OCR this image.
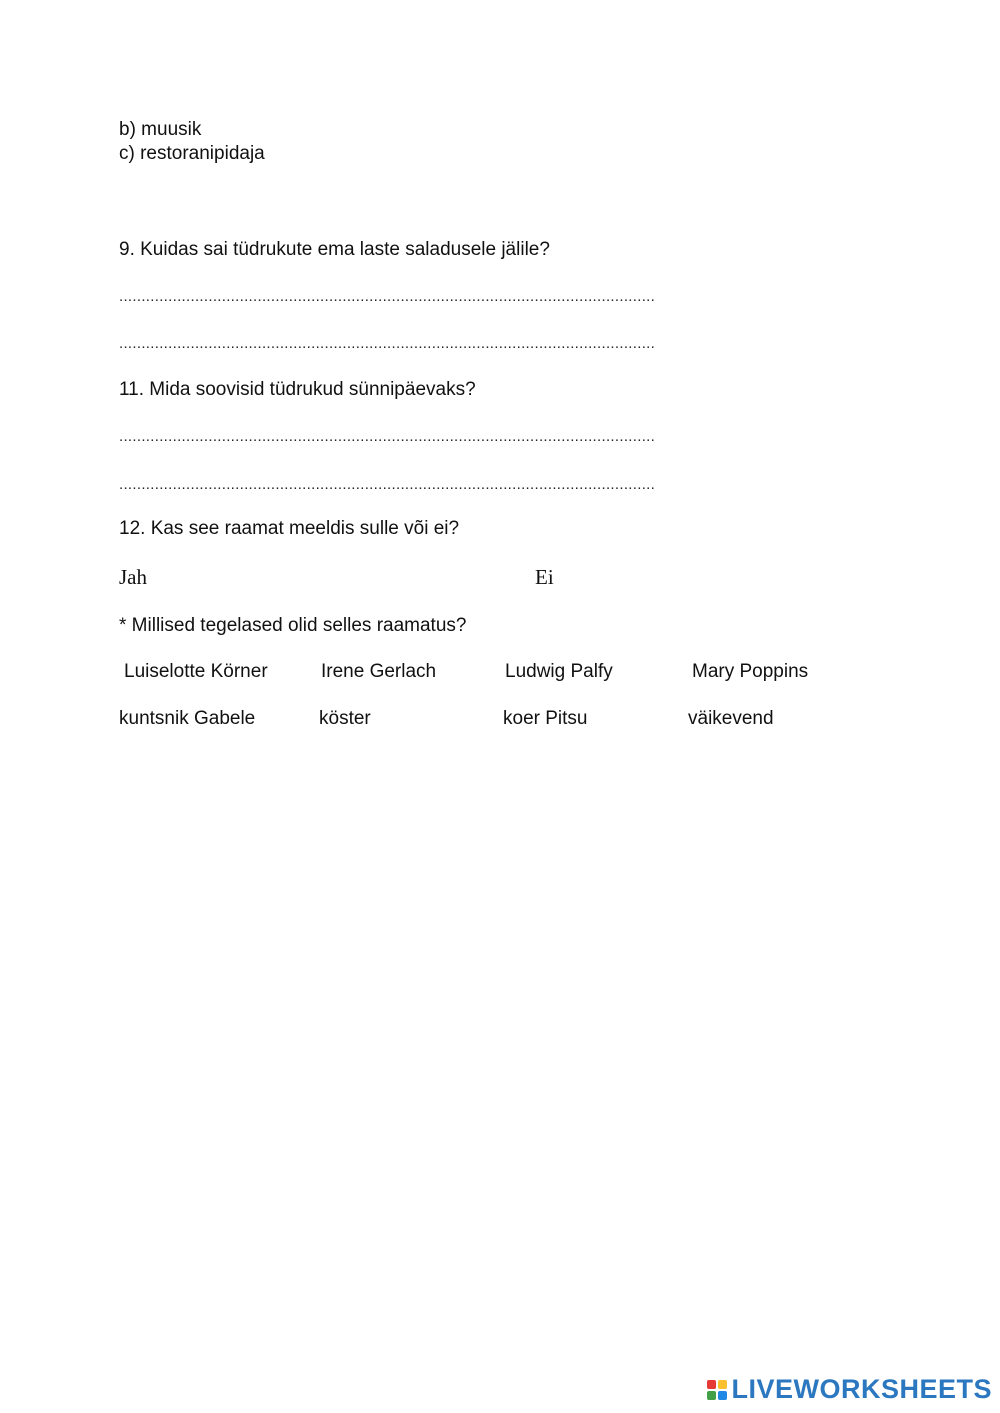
b) muusik
c) restoranipidaja
9. Kuidas sai tüdrukute ema laste saladusele jälile?
........................................................................................................................
........................................................................................................................
11. Mida soovisid tüdrukud sünnipäevaks?
........................................................................................................................
........................................................................................................................
12. Kas see raamat meeldis sulle või ei?
Jah	Ei
* Millised tegelased olid selles raamatus?
Luiselotte Körner	Irene Gerlach	Ludwig Palfy	Mary Poppins
kuntsnik Gabele	köster	koer Pitsu	väikevend
LIVEWORKSHEETS
